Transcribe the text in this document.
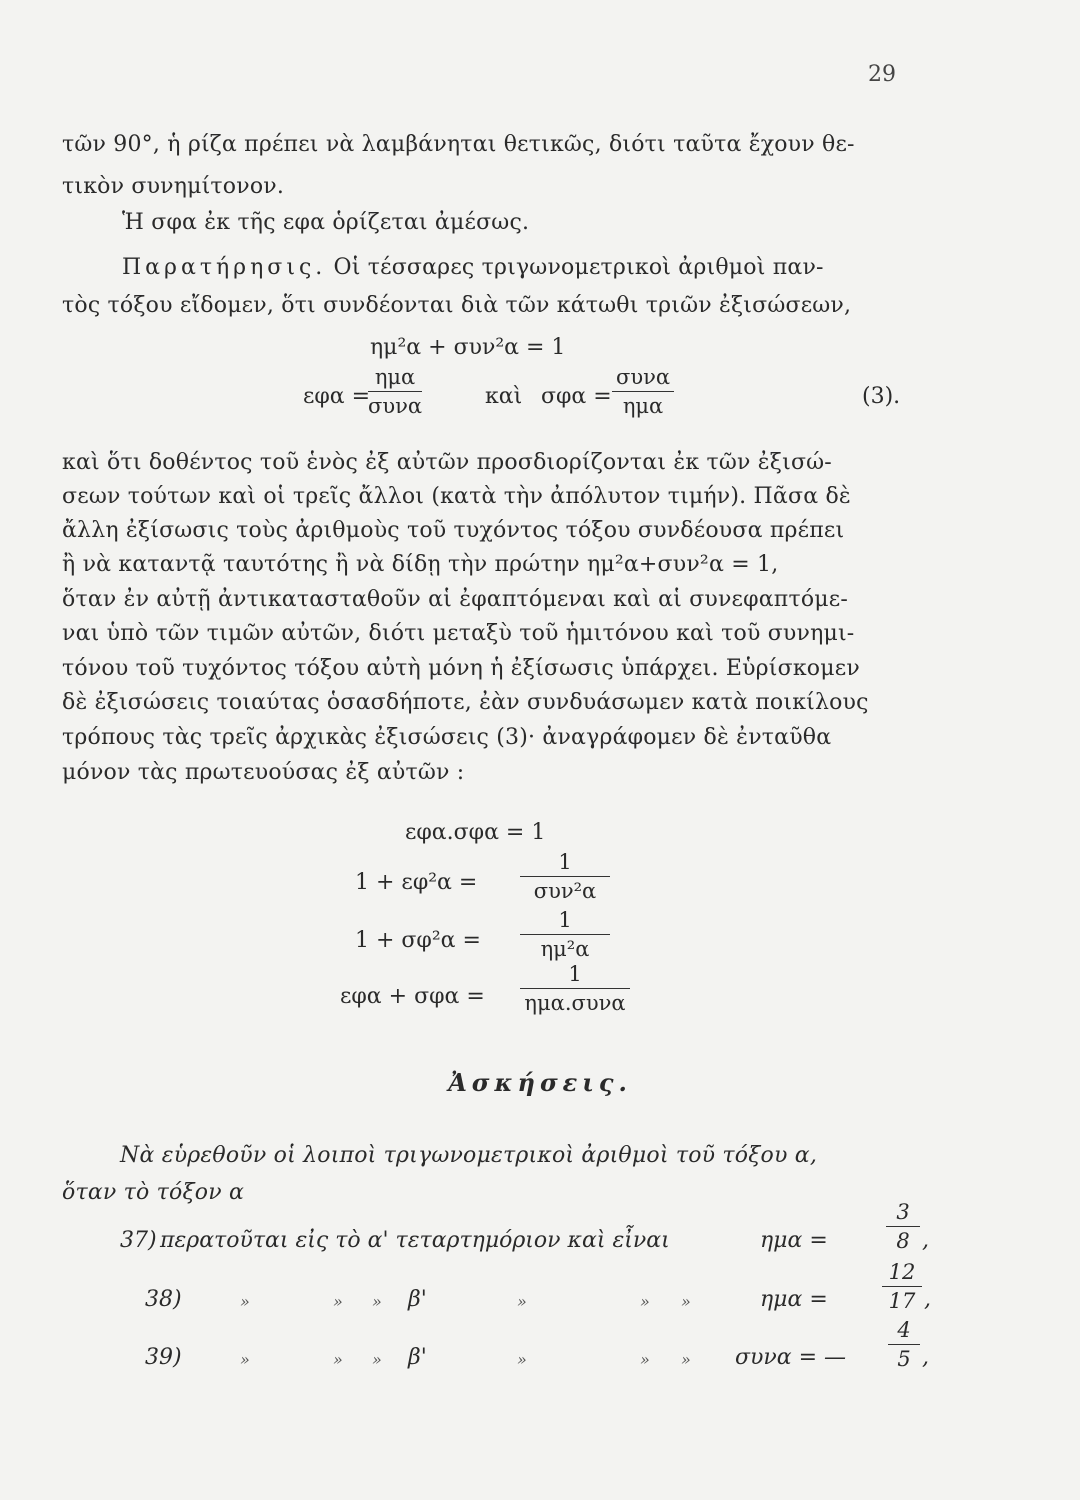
29
τῶν 90°, ἡ ρίζα πρέπει νὰ λαμβάνηται θετικῶς, διότι ταῦτα ἔχουν θε-
τικὸν συνημίτονον.
Ἡ σφα ἐκ τῆς εφα ὁρίζεται ἀμέσως.
Παρατήρησις. Οἱ τέσσαρες τριγωνομετρικοὶ ἀριθμοὶ παν-
τὸς τόξου εἴδομεν, ὅτι συνδέονται διὰ τῶν κάτωθι τριῶν ἐξισώσεων,
ημ²α + συν²α = 1
εφα =
ημα
συνα	καὶ σφα =
συνα
ημα	(3).
καὶ ὅτι δοθέντος τοῦ ἑνὸς ἐξ αὐτῶν προσδιορίζονται ἐκ τῶν ἐξισώ-
σεων τούτων καὶ οἱ τρεῖς ἄλλοι (κατὰ τὴν ἀπόλυτον τιμήν). Πᾶσα δὲ
ἄλλη ἐξίσωσις τοὺς ἀριθμοὺς τοῦ τυχόντος τόξου συνδέουσα πρέπει
ἢ νὰ καταντᾷ ταυτότης ἢ νὰ δίδῃ τὴν πρώτην ημ²α+συν²α = 1,
ὅταν ἐν αὐτῇ ἀντικατασταθοῦν αἱ ἐφαπτόμεναι καὶ αἱ συνεφαπτόμε-
ναι ὑπὸ τῶν τιμῶν αὐτῶν, διότι μεταξὺ τοῦ ἡμιτόνου καὶ τοῦ συνημι-
τόνου τοῦ τυχόντος τόξου αὐτὴ μόνη ἡ ἐξίσωσις ὑπάρχει. Εὑρίσκομεν
δὲ ἐξισώσεις τοιαύτας ὁσασδήποτε, ἐὰν συνδυάσωμεν κατὰ ποικίλους
τρόπους τὰς τρεῖς ἀρχικὰς ἐξισώσεις (3)· ἀναγράφομεν δὲ ἐνταῦθα
μόνον τὰς πρωτευούσας ἐξ αὐτῶν :
εφα.σφα = 1
1 + εφ²α =
1
συν²α
$1 + \sigma\varphi^2\alpha = \frac{1}{\text{ημ²α}}$
εφα + σφα =
1
ημα.συνα
Ἀσκήσεις.
Νὰ εὑρεθοῦν οἱ λοιποὶ τριγωνομετρικοὶ ἀριθμοὶ τοῦ τόξου α,
ὅταν τὸ τόξον α
37) περατοῦται εἰς τὸ α' τεταρτημόριον καὶ εἶναι	ημα =	$\frac{3}{8}$ ,
38)	»	» » β'	»	» »	ημα =	$\frac{12}{17}$ ,
39)	»	» » β'	»	» » συνα = — $\frac{4}{5}$ ,
